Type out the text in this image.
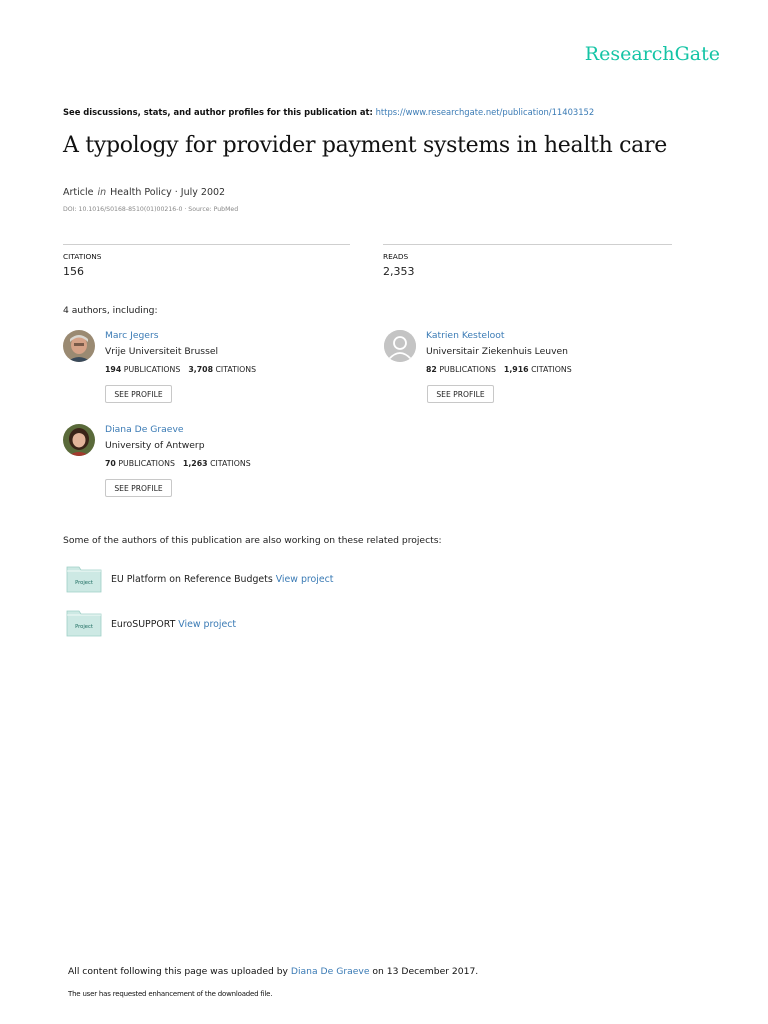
ResearchGate
See discussions, stats, and author profiles for this publication at: https://www.researchgate.net/publication/11403152
A typology for provider payment systems in health care
Article in Health Policy · July 2002
DOI: 10.1016/S0168-8510(01)00216-0 · Source: PubMed
CITATIONS
156
READS
2,353
4 authors, including:
Marc Jegers
Vrije Universiteit Brussel
194 PUBLICATIONS 3,708 CITATIONS
SEE PROFILE
Katrien Kesteloot
Universitair Ziekenhuis Leuven
82 PUBLICATIONS 1,916 CITATIONS
SEE PROFILE
Diana De Graeve
University of Antwerp
70 PUBLICATIONS 1,263 CITATIONS
SEE PROFILE
Some of the authors of this publication are also working on these related projects:
Project EU Platform on Reference Budgets View project
Project EuroSUPPORT View project
All content following this page was uploaded by Diana De Graeve on 13 December 2017.
The user has requested enhancement of the downloaded file.
